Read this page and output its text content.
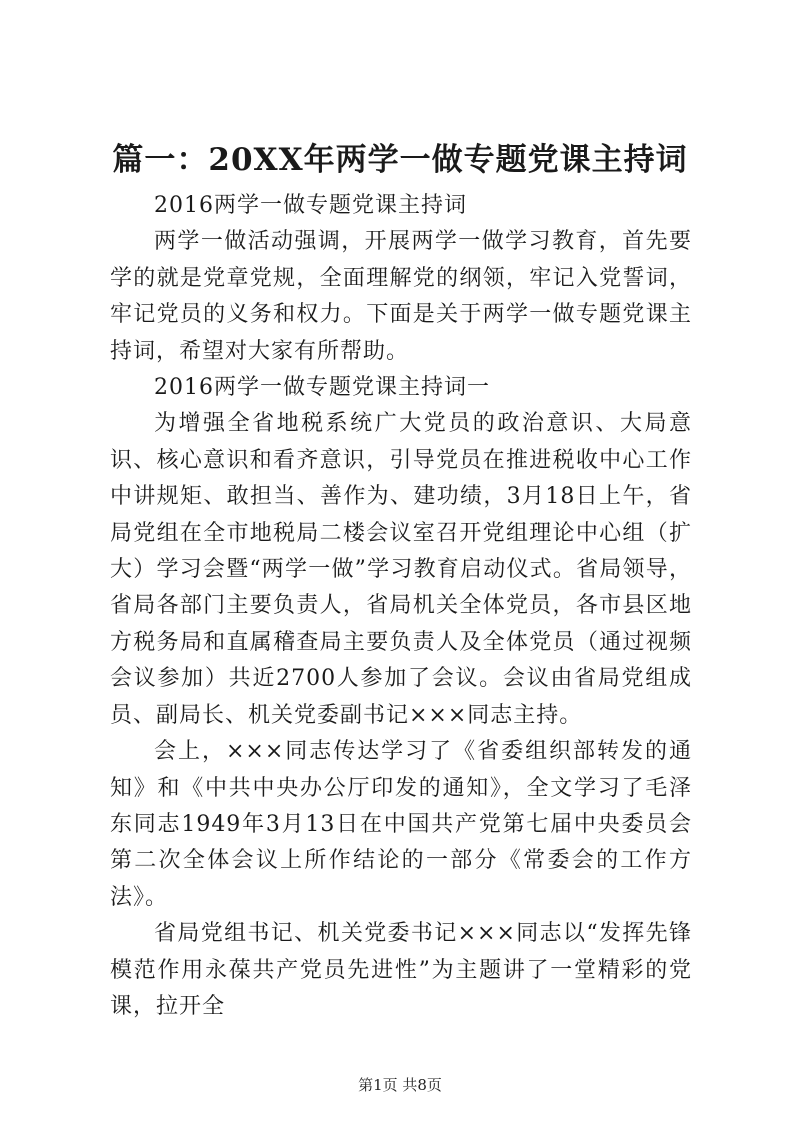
篇一：20XX年两学一做专题党课主持词

2016两学一做专题党课主持词

两学一做活动强调，开展两学一做学习教育，首先要学的就是党章党规，全面理解党的纲领，牢记入党誓词，牢记党员的义务和权力。下面是关于两学一做专题党课主持词，希望对大家有所帮助。

2016两学一做专题党课主持词一

为增强全省地税系统广大党员的政治意识、大局意识、核心意识和看齐意识，引导党员在推进税收中心工作中讲规矩、敢担当、善作为、建功绩，3月18日上午，省局党组在全市地税局二楼会议室召开党组理论中心组（扩大）学习会暨“两学一做”学习教育启动仪式。省局领导，省局各部门主要负责人，省局机关全体党员，各市县区地方税务局和直属稽查局主要负责人及全体党员（通过视频会议参加）共近2700人参加了会议。会议由省局党组成员、副局长、机关党委副书记×××同志主持。

会上，×××同志传达学习了《省委组织部转发的通知》和《中共中央办公厅印发的通知》，全文学习了毛泽东同志1949年3月13日在中国共产党第七届中央委员会第二次全体会议上所作结论的一部分《常委会的工作方法》。

省局党组书记、机关党委书记×××同志以“发挥先锋模范作用永葆共产党员先进性”为主题讲了一堂精彩的党课，拉开全

第1页 共8页
